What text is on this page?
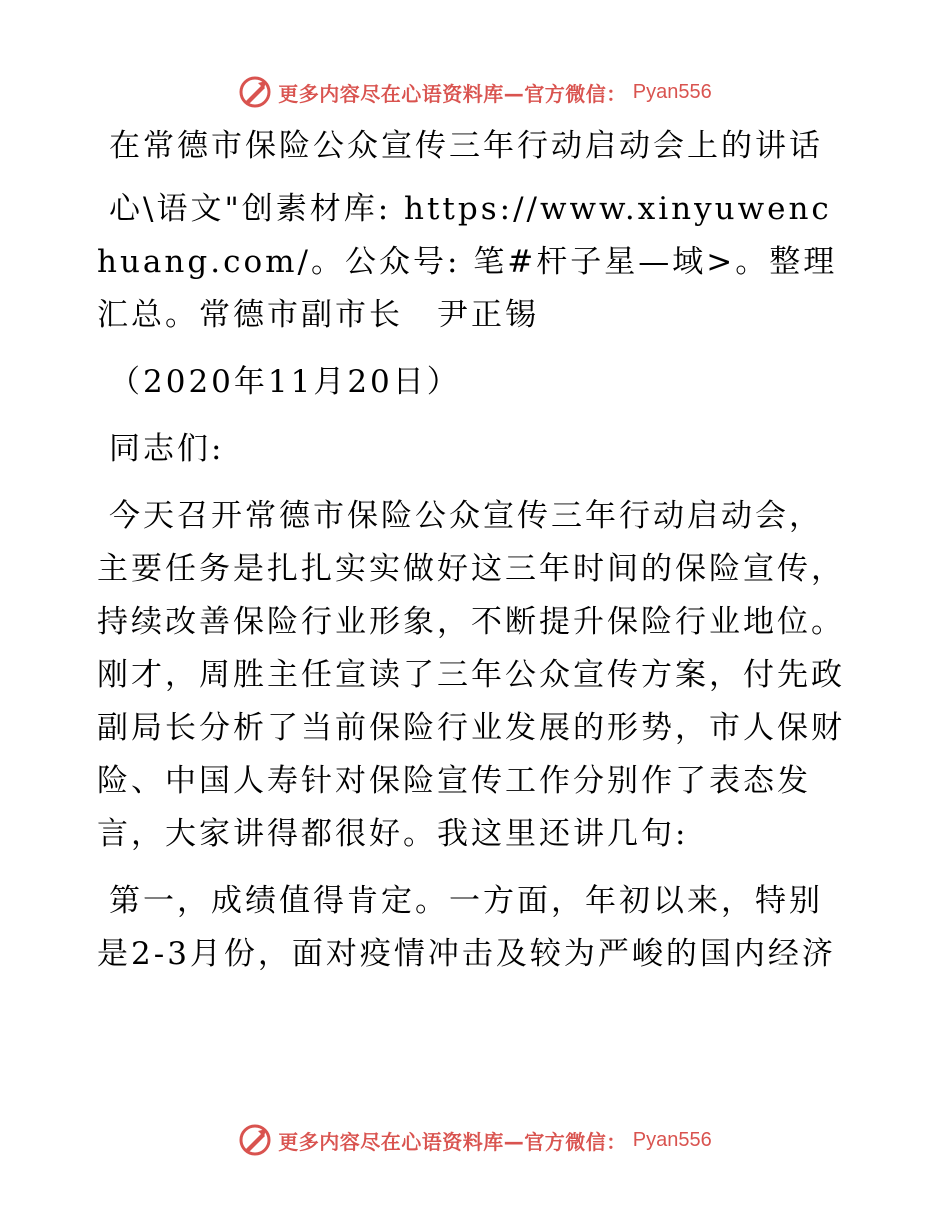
更多内容尽在心语资料库—官方微信： Pyan556

在常德市保险公众宣传三年行动启动会上的讲话

心\语文"创素材库: https://www.xinyuwenchuang.com/。公众号: 笔#杆子星—域>。整理汇总。常德市副市长　尹正锡

（2020年11月20日）

同志们:

今天召开常德市保险公众宣传三年行动启动会，主要任务是扎扎实实做好这三年时间的保险宣传，持续改善保险行业形象，不断提升保险行业地位。刚才，周胜主任宣读了三年公众宣传方案，付先政副局长分析了当前保险行业发展的形势，市人保财险、中国人寿针对保险宣传工作分别作了表态发言，大家讲得都很好。我这里还讲几句:

第一，成绩值得肯定。一方面，年初以来，特别是2-3月份，面对疫情冲击及较为严峻的国内经济

更多内容尽在心语资料库—官方微信： Pyan556
